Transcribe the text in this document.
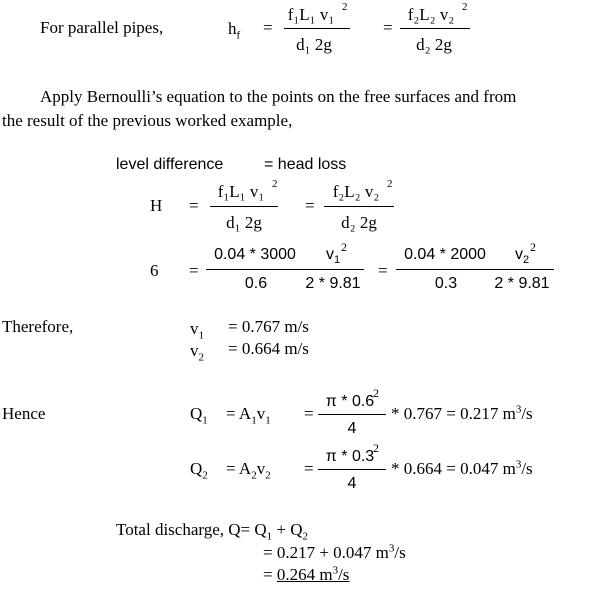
For parallel pipes,	$h_f$ =
f₁L₁ v₁ 2
d₁ 2g
=
f₂L₂ v₂ 2
d₂ 2g
Apply Bernoulli’s equation to the points on the free surfaces and from
the result of the previous worked example,
level difference	= head loss
H =
f₁L₁ v₁ 2
d₁ 2g
=
f₂L₂ v₂ 2
d₂ 2g
6 =
0.04 * 3000 $v_1$
2
0.6 2 * 9.81
=
0.04 * 2000 $v_2$
2
0.3 2 * 9.81
Therefore,	$v_1 = 0.767$ m/s
$v_2 = 0.664$ m/s
Hence	$Q_1 = A_1v_1$ =
π * 0.6
2
4
* 0.767 = 0.217 $m^3/s$
$Q_2 = A_2v_2$ =
π * 0.3
2
4
* 0.664 = 0.047 $m^3/s$
Total discharge, $Q= Q_1 + Q_2$
= 0.217 + 0.047 $m^3/s$
= 0.264 $m^3/s$
